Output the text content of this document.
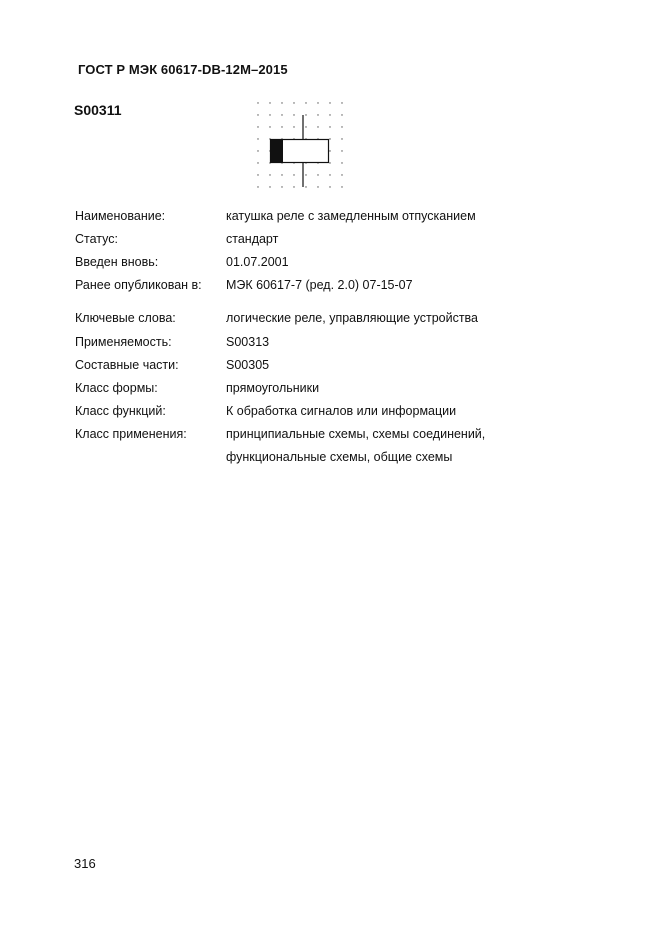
ГОСТ Р МЭК 60617-DB-12M–2015
S00311
Наименование:	катушка реле с замедленным отпусканием
Статус:	стандарт
Введен вновь:	01.07.2001
Ранее опубликован в:	МЭК 60617-7 (ред. 2.0) 07-15-07
Ключевые слова:	логические реле, управляющие устройства
Применяемость:	S00313
Составные части:	S00305
Класс формы:	прямоугольники
Класс функций:	К обработка сигналов или информации
Класс применения:	принципиальные схемы, схемы соединений,
функциональные схемы, общие схемы
316
